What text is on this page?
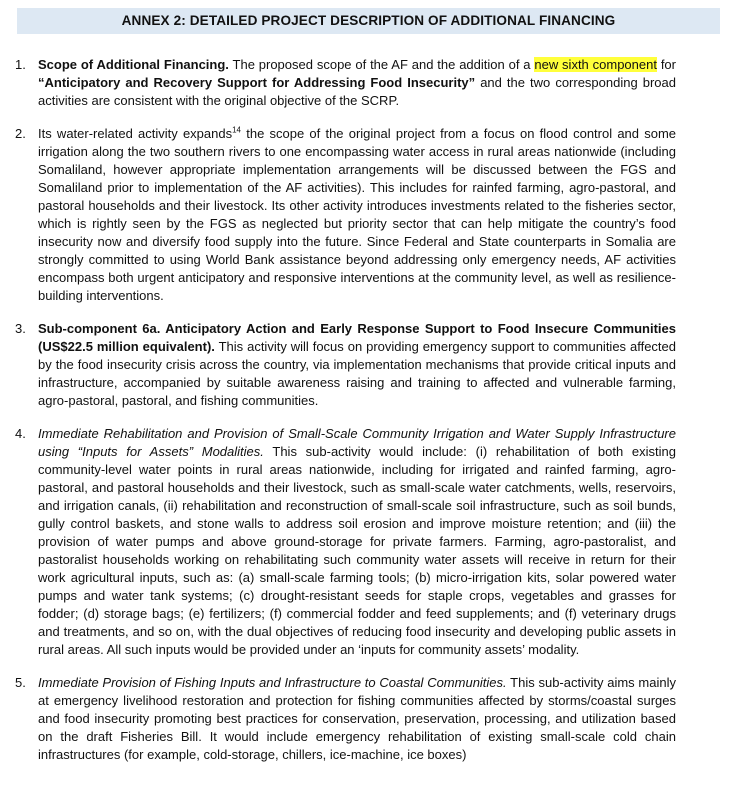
ANNEX 2: DETAILED PROJECT DESCRIPTION OF ADDITIONAL FINANCING
1. Scope of Additional Financing. The proposed scope of the AF and the addition of a new sixth component for “Anticipatory and Recovery Support for Addressing Food Insecurity” and the two corresponding broad activities are consistent with the original objective of the SCRP.
2. Its water-related activity expands$^{14}$ the scope of the original project from a focus on flood control and some irrigation along the two southern rivers to one encompassing water access in rural areas nationwide (including Somaliland, however appropriate implementation arrangements will be discussed between the FGS and Somaliland prior to implementation of the AF activities). This includes for rainfed farming, agro-pastoral, and pastoral households and their livestock. Its other activity introduces investments related to the fisheries sector, which is rightly seen by the FGS as neglected but priority sector that can help mitigate the country’s food insecurity now and diversify food supply into the future. Since Federal and State counterparts in Somalia are strongly committed to using World Bank assistance beyond addressing only emergency needs, AF activities encompass both urgent anticipatory and responsive interventions at the community level, as well as resilience-building interventions.
3. Sub-component 6a. Anticipatory Action and Early Response Support to Food Insecure Communities (US$22.5 million equivalent). This activity will focus on providing emergency support to communities affected by the food insecurity crisis across the country, via implementation mechanisms that provide critical inputs and infrastructure, accompanied by suitable awareness raising and training to affected and vulnerable farming, agro-pastoral, pastoral, and fishing communities.
4. Immediate Rehabilitation and Provision of Small-Scale Community Irrigation and Water Supply Infrastructure using “Inputs for Assets” Modalities. This sub-activity would include: (i) rehabilitation of both existing community-level water points in rural areas nationwide, including for irrigated and rainfed farming, agro-pastoral, and pastoral households and their livestock, such as small-scale water catchments, wells, reservoirs, and irrigation canals, (ii) rehabilitation and reconstruction of small-scale soil infrastructure, such as soil bunds, gully control baskets, and stone walls to address soil erosion and improve moisture retention; and (iii) the provision of water pumps and above ground-storage for private farmers. Farming, agro-pastoralist, and pastoralist households working on rehabilitating such community water assets will receive in return for their work agricultural inputs, such as: (a) small-scale farming tools; (b) micro-irrigation kits, solar powered water pumps and water tank systems; (c) drought-resistant seeds for staple crops, vegetables and grasses for fodder; (d) storage bags; (e) fertilizers; (f) commercial fodder and feed supplements; and (f) veterinary drugs and treatments, and so on, with the dual objectives of reducing food insecurity and developing public assets in rural areas. All such inputs would be provided under an ‘inputs for community assets’ modality.
5. Immediate Provision of Fishing Inputs and Infrastructure to Coastal Communities. This sub-activity aims mainly at emergency livelihood restoration and protection for fishing communities affected by storms/coastal surges and food insecurity promoting best practices for conservation, preservation, processing, and utilization based on the draft Fisheries Bill. It would include emergency rehabilitation of existing small-scale cold chain infrastructures (for example, cold-storage, chillers, ice-machine, ice boxes)
